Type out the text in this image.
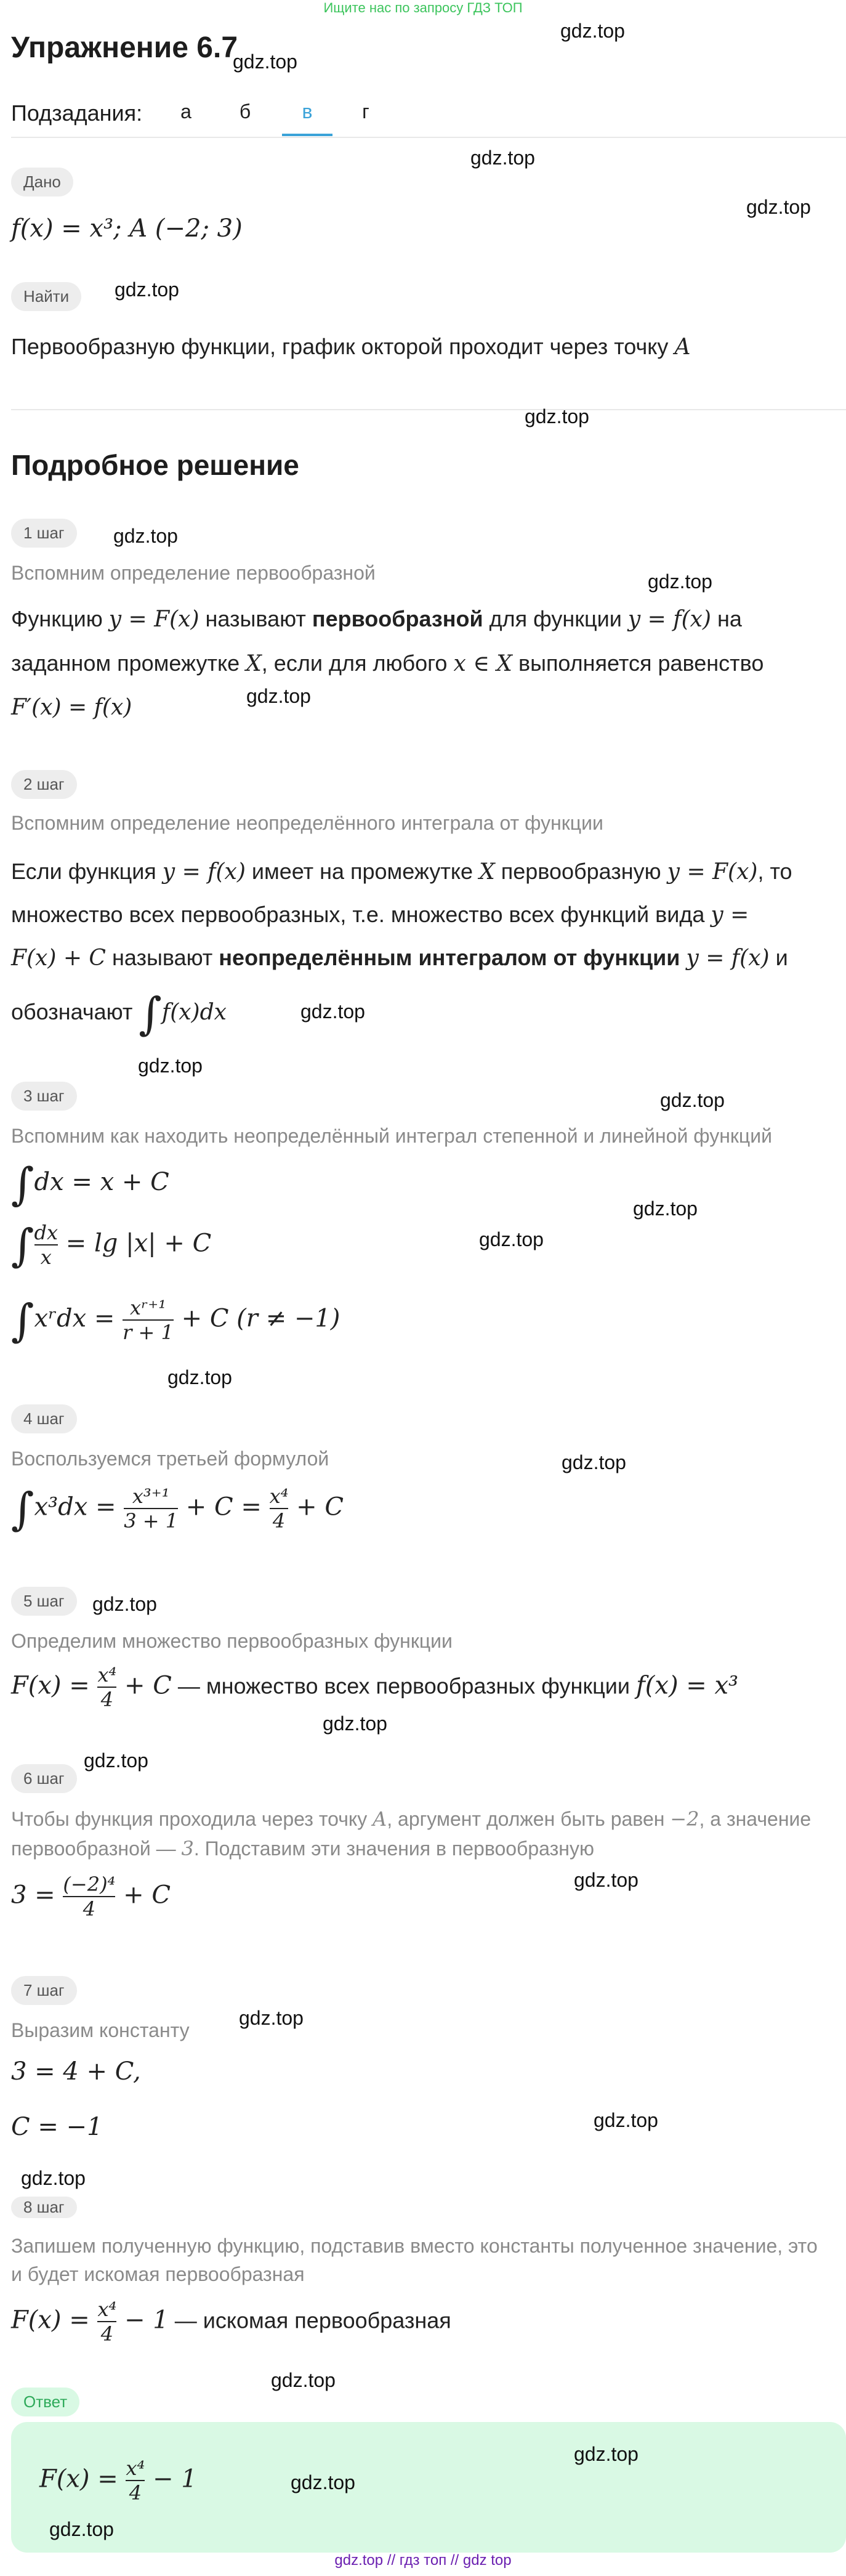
Ищите нас по запросу ГДЗ ТОП
Упражнение 6.7
gdz.top
gdz.top
Подзадания:	а	б	в	г
gdz.top
Дано
gdz.top
f(x) = x³; A (−2; 3)
Найти	gdz.top
Первообразную функции, график окторой проходит через точку A
gdz.top
Подробное решение
1 шаг	gdz.top
Вспомним определение первообразной	gdz.top
Функцию y = F(x) называют первообразной для функции y = f(x) на
заданном промежутке X, если для любого x ∈ X выполняется равенство
F′(x) = f(x)	gdz.top
2 шаг
Вспомним определение неопределённого интеграла от функции
Если функция y = f(x) имеет на промежутке X первообразную y = F(x), то
множество всех первообразных, т.е. множество всех функций вида y =
F(x) + C называют неопределённым интегралом от функции y = f(x) и
обозначают ∫f(x)dx	gdz.top
gdz.top
3 шаг	gdz.top
Вспомним как находить неопределённый интеграл степенной и линейной функций
∫dx = x + C
gdz.top
∫ $\frac{dx}{x} = \lg |x| + C$	gdz.top
∫xʳdx = $\frac{\text{xʳ⁺¹}}{r + 1} + C$ (r ≠ −1)
gdz.top
4 шаг
Воспользуемся третьей формулой	gdz.top
$\int x^3dx = \frac{\text{x³⁺¹}}{3 + 1} + C = \frac{\text{x⁴}}{4} + C$
5 шаг	gdz.top
Определим множество первообразных функции
$F(x) = \frac{\text{x⁴}}{4} + C$ — множество всех первообразных функции f(x) = x³
gdz.top
6 шаг
gdz.top
Чтобы функция проходила через точку A, аргумент должен быть равен −2, а значение
первообразной — 3. Подставим эти значения в первообразную
gdz.top
$3 = \frac{\text{(−2)⁴}}{4} + C$
7 шаг
gdz.top
Выразим константу
3 = 4 + C,
gdz.top
C = −1
gdz.top
8 шаг
Запишем полученную функцию, подставив вместо константы полученное значение, это
и будет искомая первообразная
$F(x) = \frac{\text{x⁴}}{4} - 1$ — искомая первообразная
gdz.top
Ответ
gdz.top
$F(x) = \frac{\text{x⁴}}{4} - 1$	gdz.top
gdz.top
gdz.top // гдз топ // gdz top
